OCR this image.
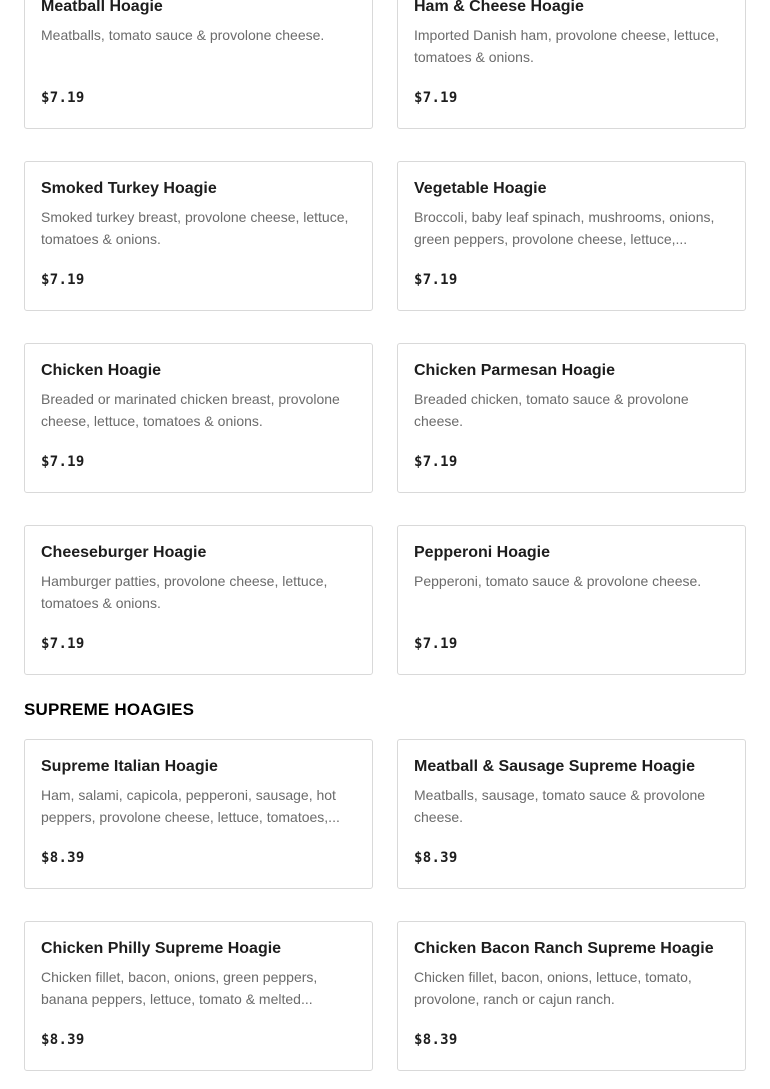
Meatball Hoagie
Meatballs, tomato sauce & provolone cheese.
$7.19
Ham & Cheese Hoagie
Imported Danish ham, provolone cheese, lettuce, tomatoes & onions.
$7.19
Smoked Turkey Hoagie
Smoked turkey breast, provolone cheese, lettuce, tomatoes & onions.
$7.19
Vegetable Hoagie
Broccoli, baby leaf spinach, mushrooms, onions, green peppers, provolone cheese, lettuce,...
$7.19
Chicken Hoagie
Breaded or marinated chicken breast, provolone cheese, lettuce, tomatoes & onions.
$7.19
Chicken Parmesan Hoagie
Breaded chicken, tomato sauce & provolone cheese.
$7.19
Cheeseburger Hoagie
Hamburger patties, provolone cheese, lettuce, tomatoes & onions.
$7.19
Pepperoni Hoagie
Pepperoni, tomato sauce & provolone cheese.
$7.19
SUPREME HOAGIES
Supreme Italian Hoagie
Ham, salami, capicola, pepperoni, sausage, hot peppers, provolone cheese, lettuce, tomatoes,...
$8.39
Meatball & Sausage Supreme Hoagie
Meatballs, sausage, tomato sauce & provolone cheese.
$8.39
Chicken Philly Supreme Hoagie
Chicken fillet, bacon, onions, green peppers, banana peppers, lettuce, tomato & melted...
$8.39
Chicken Bacon Ranch Supreme Hoagie
Chicken fillet, bacon, onions, lettuce, tomato, provolone, ranch or cajun ranch.
$8.39
